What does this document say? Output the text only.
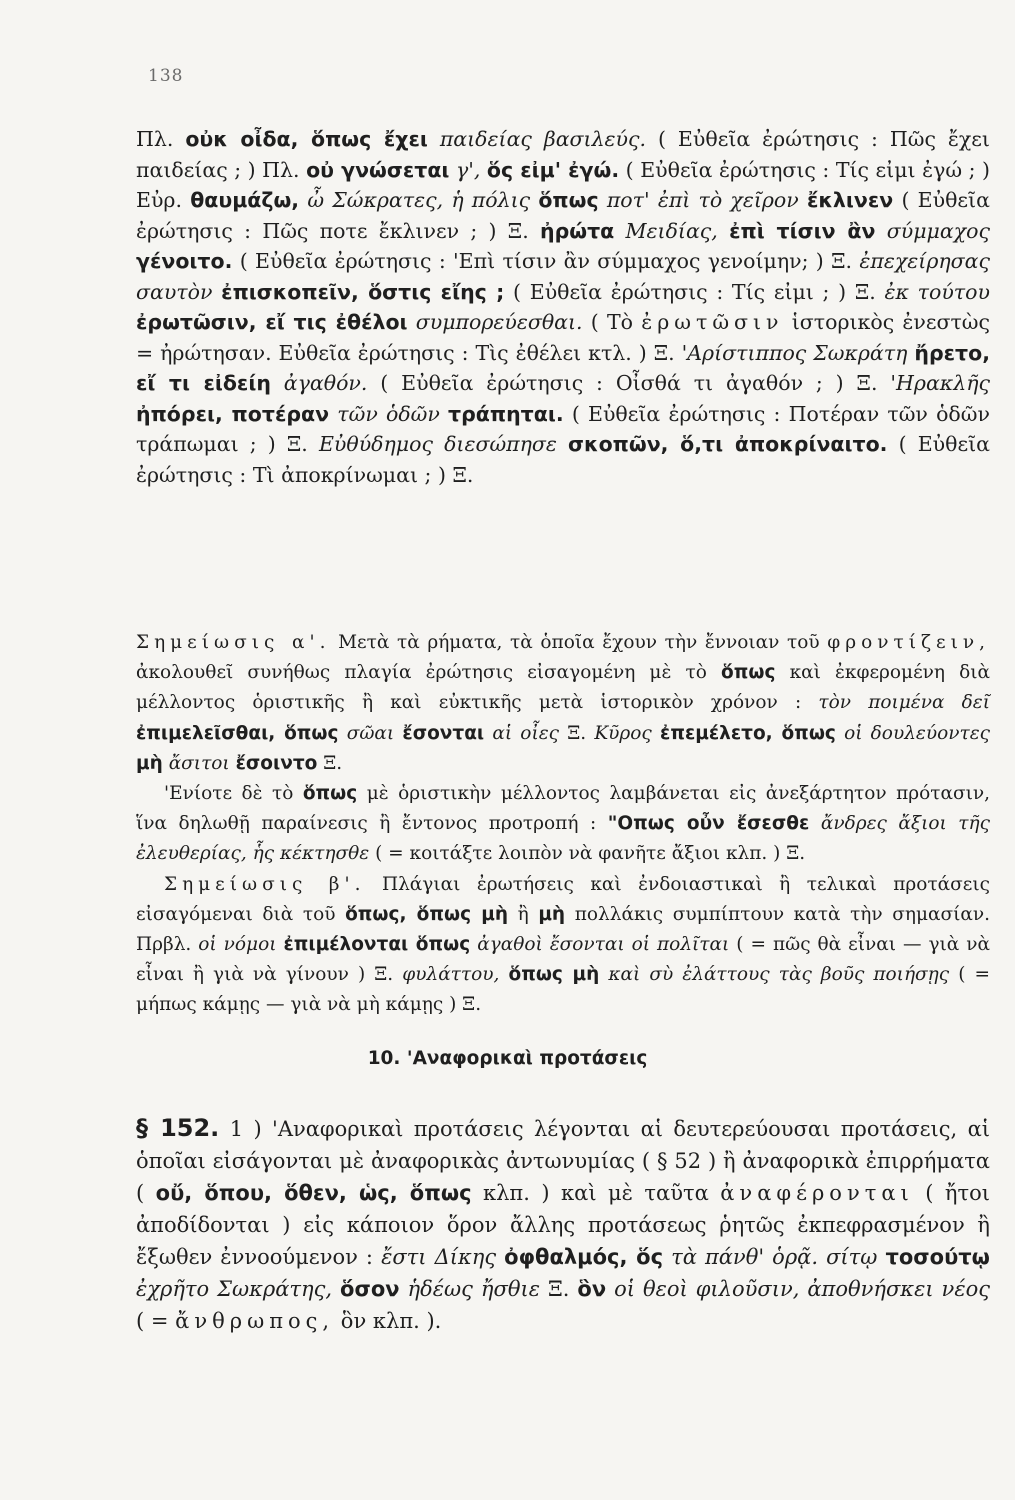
138

Πλ. οὐκ οἶδα, ὅπως ἔχει παιδείας βασιλεύς. ( Εὐθεῖα ἐρώτησις : Πῶς ἔχει παιδείας ; ) Πλ. οὐ γνώσεται γ', ὅς εἰμ' ἐγώ. ( Εὐθεῖα ἐρώτησις : Τίς εἰμι ἐγώ ; ) Εὐρ. θαυμάζω, ὦ Σώκρατες, ἡ πόλις ὅπως ποτ' ἐπὶ τὸ χεῖρον ἔκλινεν ( Εὐθεῖα ἐρώτησις : Πῶς ποτε ἔκλινεν ; ) Ξ. ἠρώτα Μειδίας, ἐπὶ τίσιν ἂν σύμμαχος γένοιτο. ( Εὐθεῖα ἐρώτησις : 'Επὶ τίσιν ἂν σύμμαχος γενοίμην; ) Ξ. ἐπεχείρησας σαυτὸν ἐπισκοπεῖν, ὅστις εἴης ; ( Εὐθεῖα ἐρώτησις : Τίς εἰμι ; ) Ξ. ἐκ τούτου ἐρωτῶσιν, εἴ τις ἐθέλοι συμπορεύεσθαι. ( Τὸ ἐρωτῶσιν ἱστορικὸς ἐνεστὼς = ἠρώτησαν. Εὐθεῖα ἐρώτησις : Τὶς ἐθέλει κτλ. ) Ξ. 'Αρίστιππος Σωκράτη ἤρετο, εἴ τι εἰδείη ἀγαθόν. ( Εὐθεῖα ἐρώτησις : Οἶσθά τι ἀγαθόν ; ) Ξ. 'Ηρακλῆς ἠπόρει, ποτέραν τῶν ὁδῶν τράπηται. ( Εὐθεῖα ἐρώτησις : Ποτέραν τῶν ὁδῶν τράπωμαι ; ) Ξ. Εὐθύδημος διεσώπησε σκοπῶν, ὅ,τι ἀποκρίναιτο. ( Εὐθεῖα ἐρώτησις : Τὶ ἀποκρίνωμαι ; ) Ξ.

Σημείωσις α'. Μετὰ τὰ ρήματα, τὰ ὁποῖα ἔχουν τὴν ἔννοιαν τοῦ φροντίζειν, ἀκολουθεῖ συνήθως πλαγία ἐρώτησις εἰσαγομένη μὲ τὸ ὅπως καὶ ἐκφερομένη διὰ μέλλοντος ὁριστικῆς ἢ καὶ εὐκτικῆς μετὰ ἱστορικὸν χρόνον : τὸν ποιμένα δεῖ ἐπιμελεῖσθαι, ὅπως σῶαι ἔσονται αἱ οἶες Ξ. Κῦρος ἐπεμέλετο, ὅπως οἱ δουλεύοντες μὴ ἄσιτοι ἔσοιντο Ξ.

'Ενίοτε δὲ τὸ ὅπως μὲ ὁριστικὴν μέλλοντος λαμβάνεται εἰς ἀνεξάρτητον πρότασιν, ἵνα δηλωθῇ παραίνεσις ἢ ἔντονος προτροπή : "Οπως οὖν ἔσεσθε ἄνδρες ἄξιοι τῆς ἐλευθερίας, ἧς κέκτησθε ( = κοιτάξτε λοιπὸν νὰ φανῆτε ἄξιοι κλπ. ) Ξ.

Σημείωσις β'. Πλάγιαι ἐρωτήσεις καὶ ἐνδοιαστικαὶ ἢ τελικαὶ προτάσεις εἰσαγόμεναι διὰ τοῦ ὅπως, ὅπως μὴ ἢ μὴ πολλάκις συμπίπτουν κατὰ τὴν σημασίαν. Πρβλ. οἱ νόμοι ἐπιμέλονται ὅπως ἀγαθοὶ ἔσονται οἱ πολῖται ( = πῶς θὰ εἶναι — γιὰ νὰ εἶναι ἢ γιὰ νὰ γίνουν ) Ξ. φυλάττου, ὅπως μὴ καὶ σὺ ἐλάττους τὰς βοῦς ποιήσῃς ( = μήπως κάμῃς — γιὰ νὰ μὴ κάμῃς ) Ξ.

10. 'Αναφορικαὶ προτάσεις

§ 152. 1 ) 'Αναφορικαὶ προτάσεις λέγονται αἱ δευτερεύουσαι προτάσεις, αἱ ὁποῖαι εἰσάγονται μὲ ἀναφορικὰς ἀντωνυμίας ( § 52 ) ἢ ἀναφορικὰ ἐπιρρήματα ( οὔ, ὅπου, ὅθεν, ὡς, ὅπως κλπ. ) καὶ μὲ ταῦτα ἀναφέρονται ( ἤτοι ἀποδίδονται ) εἰς κάποιον ὅρον ἄλλης προτάσεως ῥητῶς ἐκπεφρασμένον ἢ ἔξωθεν ἐννοούμενον : ἔστι Δίκης ὀφθαλμός, ὅς τὰ πάνθ' ὁρᾷ. σίτῳ τοσούτῳ ἐχρῆτο Σωκράτης, ὅσον ἡδέως ἤσθιε Ξ. ὃν οἱ θεοὶ φιλοῦσιν, ἀποθνήσκει νέος ( = ἄνθρωπος, ὃν κλπ. ).
